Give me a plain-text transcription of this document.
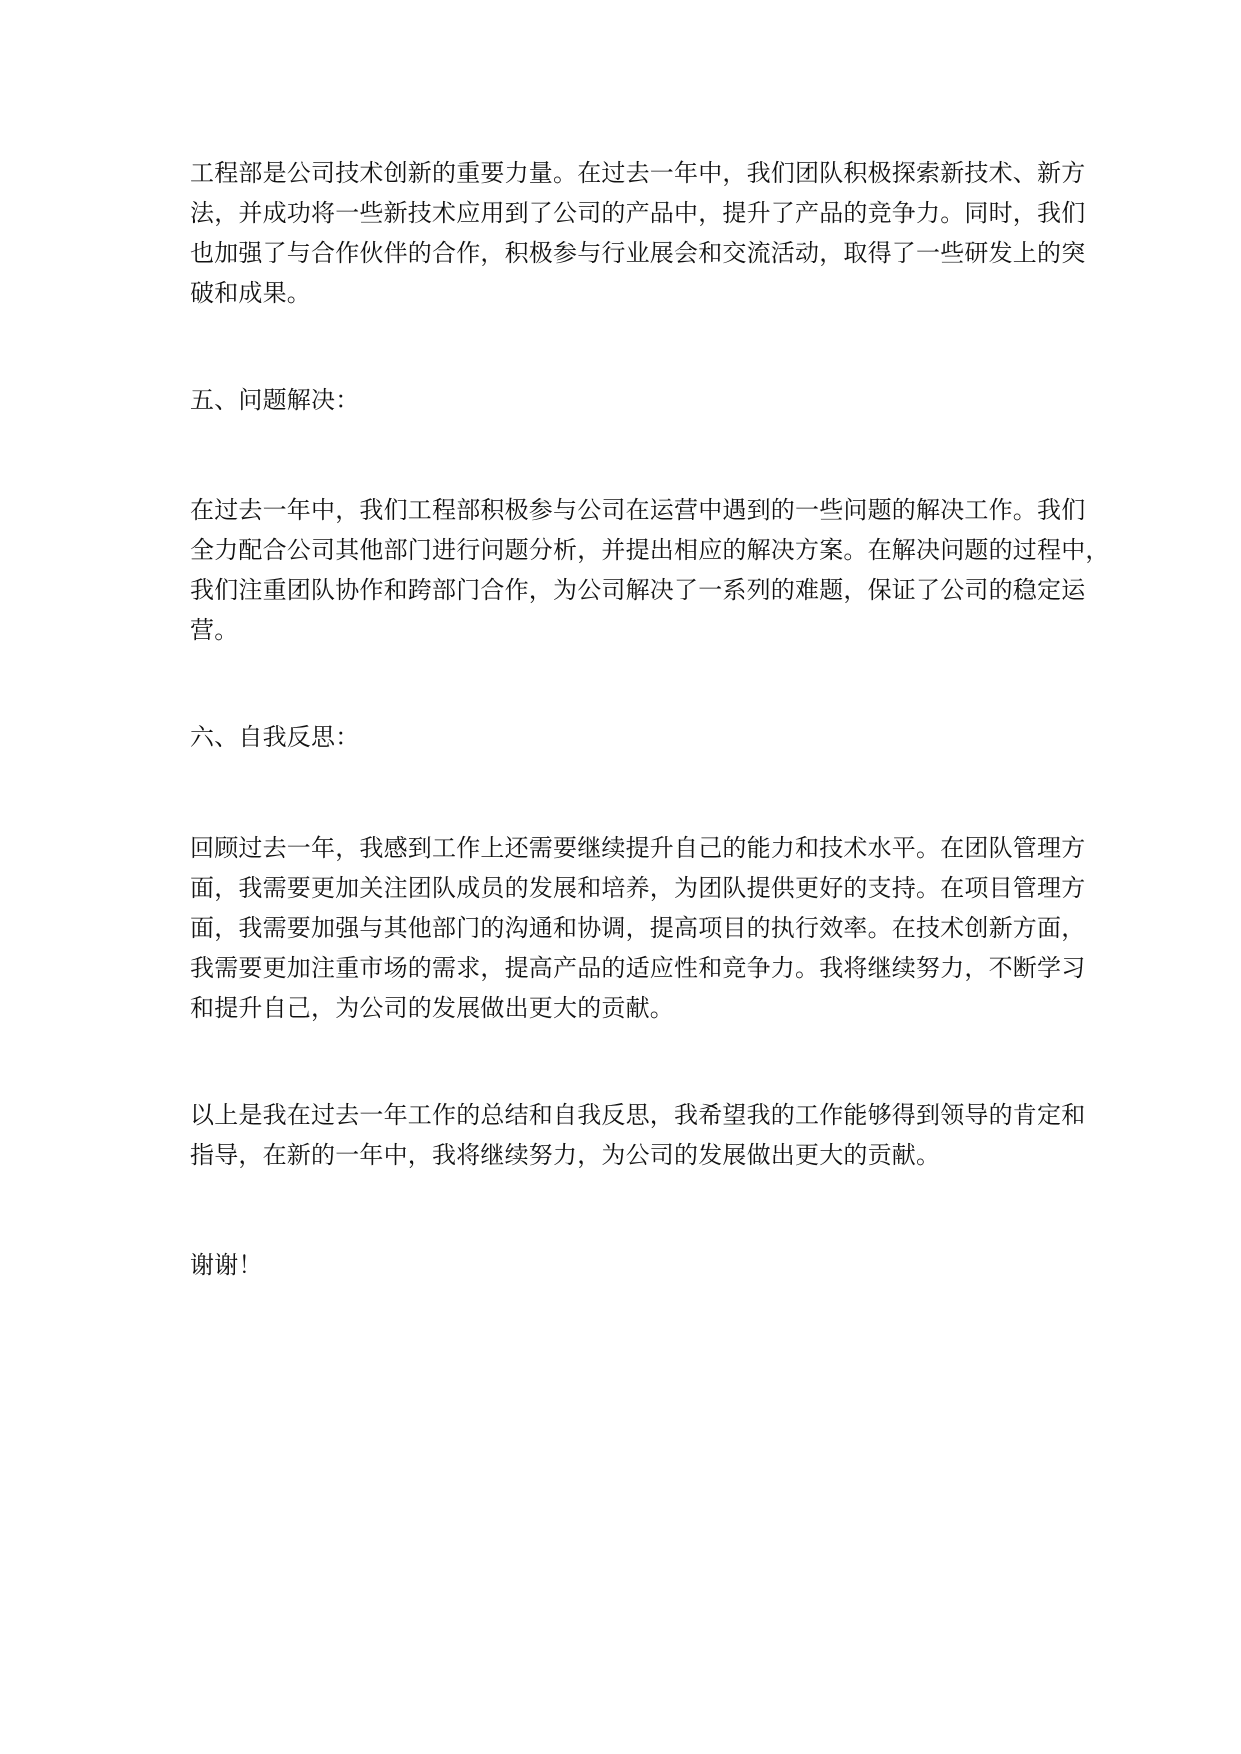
工程部是公司技术创新的重要力量。在过去一年中，我们团队积极探索新技术、新方
法，并成功将一些新技术应用到了公司的产品中，提升了产品的竞争力。同时，我们
也加强了与合作伙伴的合作，积极参与行业展会和交流活动，取得了一些研发上的突
破和成果。
五、问题解决：
在过去一年中，我们工程部积极参与公司在运营中遇到的一些问题的解决工作。我们
全力配合公司其他部门进行问题分析，并提出相应的解决方案。在解决问题的过程中，
我们注重团队协作和跨部门合作，为公司解决了一系列的难题，保证了公司的稳定运
营。
六、自我反思：
回顾过去一年，我感到工作上还需要继续提升自己的能力和技术水平。在团队管理方
面，我需要更加关注团队成员的发展和培养，为团队提供更好的支持。在项目管理方
面，我需要加强与其他部门的沟通和协调，提高项目的执行效率。在技术创新方面，
我需要更加注重市场的需求，提高产品的适应性和竞争力。我将继续努力，不断学习
和提升自己，为公司的发展做出更大的贡献。
以上是我在过去一年工作的总结和自我反思，我希望我的工作能够得到领导的肯定和
指导，在新的一年中，我将继续努力，为公司的发展做出更大的贡献。
谢谢！
